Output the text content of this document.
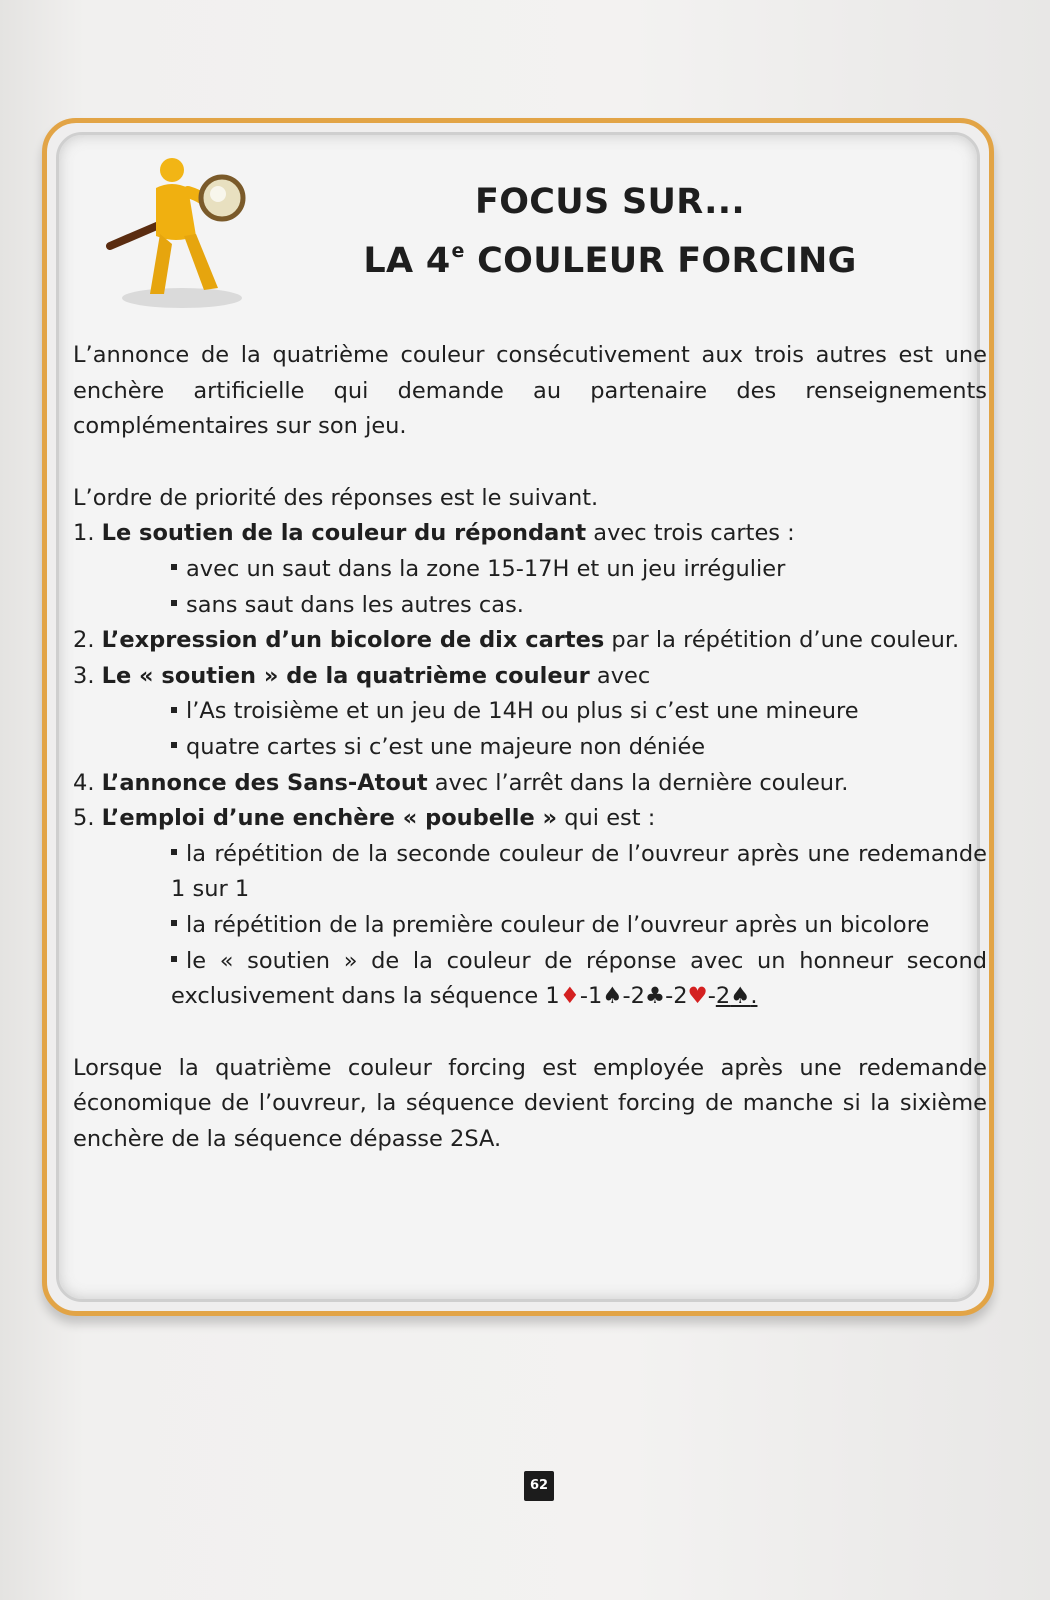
FOCUS SUR...
LA 4e COULEUR FORCING

L’annonce de la quatrième couleur consécutivement aux trois autres est une enchère artificielle qui demande au partenaire des renseignements complémentaires sur son jeu.

L’ordre de priorité des réponses est le suivant.

1. Le soutien de la couleur du répondant avec trois cartes :

avec un saut dans la zone 15-17H et un jeu irrégulier

sans saut dans les autres cas.

2. L’expression d’un bicolore de dix cartes par la répétition d’une couleur.

3. Le « soutien » de la quatrième couleur avec

l’As troisième et un jeu de 14H ou plus si c’est une mineure

quatre cartes si c’est une majeure non déniée

4. L’annonce des Sans-Atout avec l’arrêt dans la dernière couleur.

5. L’emploi d’une enchère « poubelle » qui est :

la répétition de la seconde couleur de l’ouvreur après une redemande 1 sur 1

la répétition de la première couleur de l’ouvreur après un bicolore

le « soutien » de la couleur de réponse avec un honneur second exclusivement dans la séquence 1♦-1♠-2♣-2♥-2♠.

Lorsque la quatrième couleur forcing est employée après une redemande économique de l’ouvreur, la séquence devient forcing de manche si la sixième enchère de la séquence dépasse 2SA.

62
